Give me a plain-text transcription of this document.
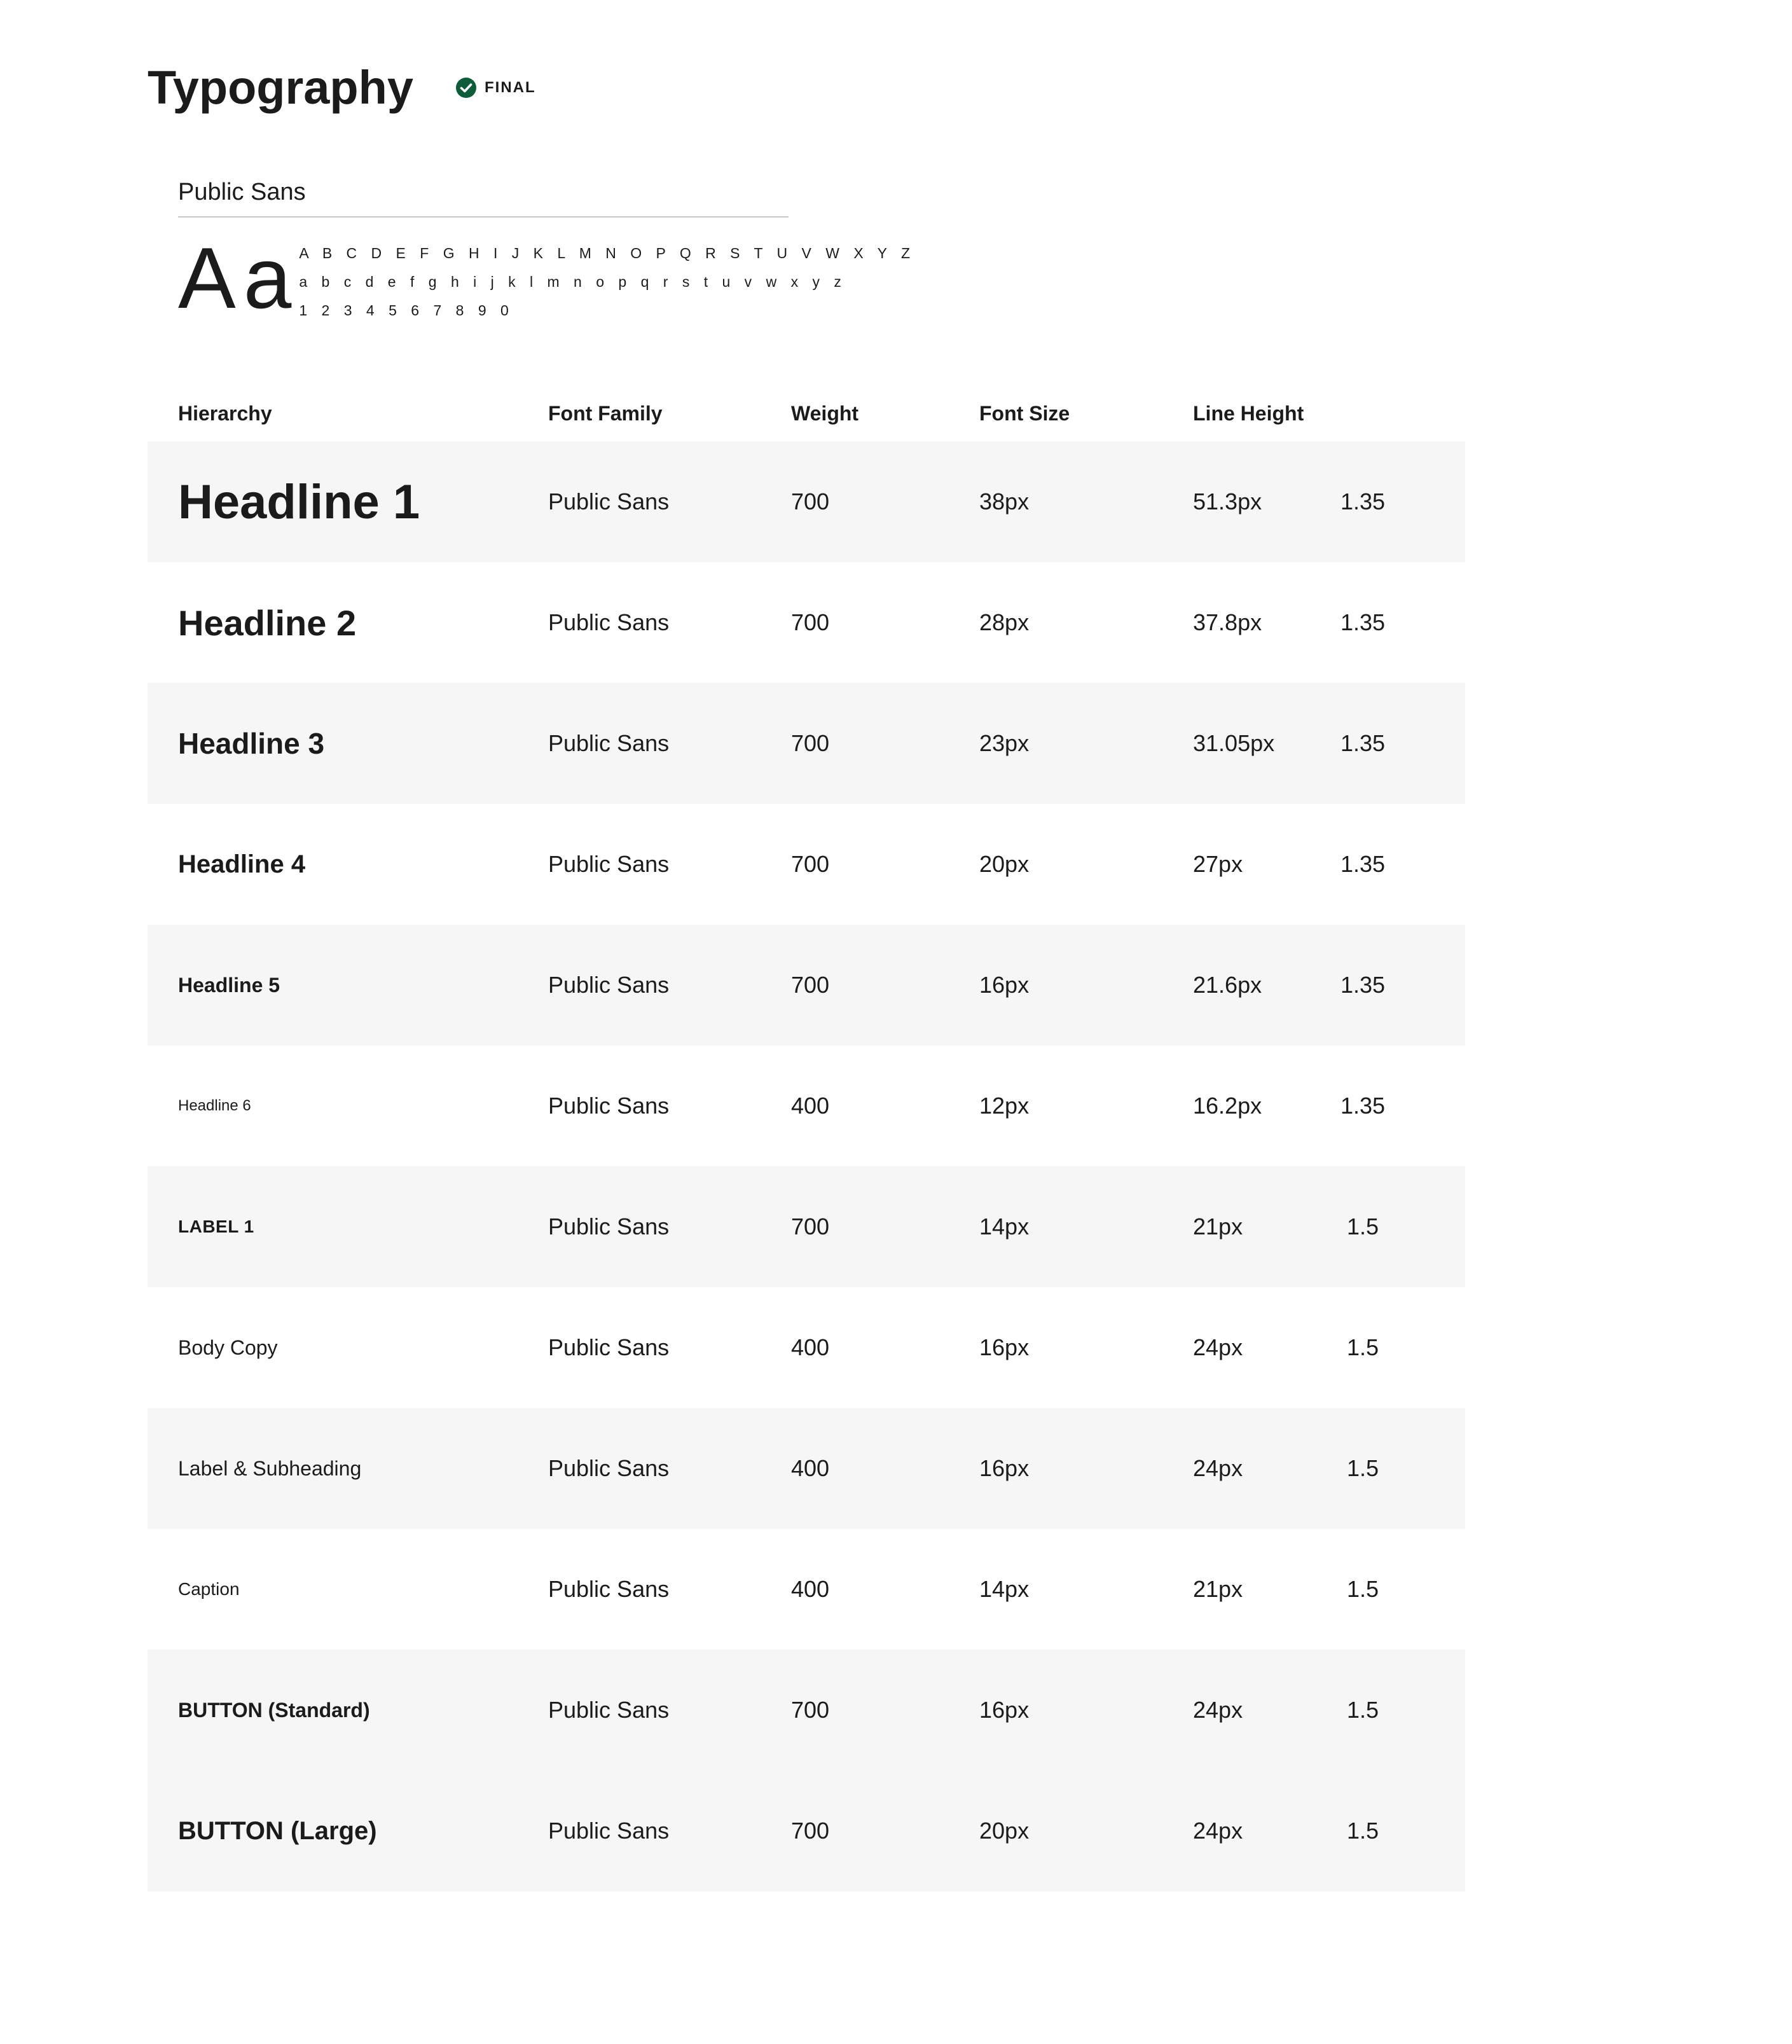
Typography	FINAL
Public Sans
Aa A B C D E F G H I J K L M N O P Q R S T U V W X Y Z
a b c d e f g h i j k l m n o p q r s t u v w x y z
1 2 3 4 5 6 7 8 9 0
Hierarchy	Font Family	Weight	Font Size	Line Height
Headline 1	Public Sans	700	38px	51.3px	1.35
Headline 2	Public Sans	700	28px	37.8px	1.35
Headline 3	Public Sans	700	23px	31.05px	1.35
Headline 4	Public Sans	700	20px	27px	1.35
Headline 5	Public Sans	700	16px	21.6px	1.35
Headline 6	Public Sans	400	12px	16.2px	1.35
LABEL 1	Public Sans	700	14px	21px	1.5
Body Copy	Public Sans	400	16px	24px	1.5
Label & Subheading	Public Sans	400	16px	24px	1.5
Caption	Public Sans	400	14px	21px	1.5
BUTTON (Standard)	Public Sans	700	16px	24px	1.5
BUTTON (Large)	Public Sans	700	20px	24px	1.5
